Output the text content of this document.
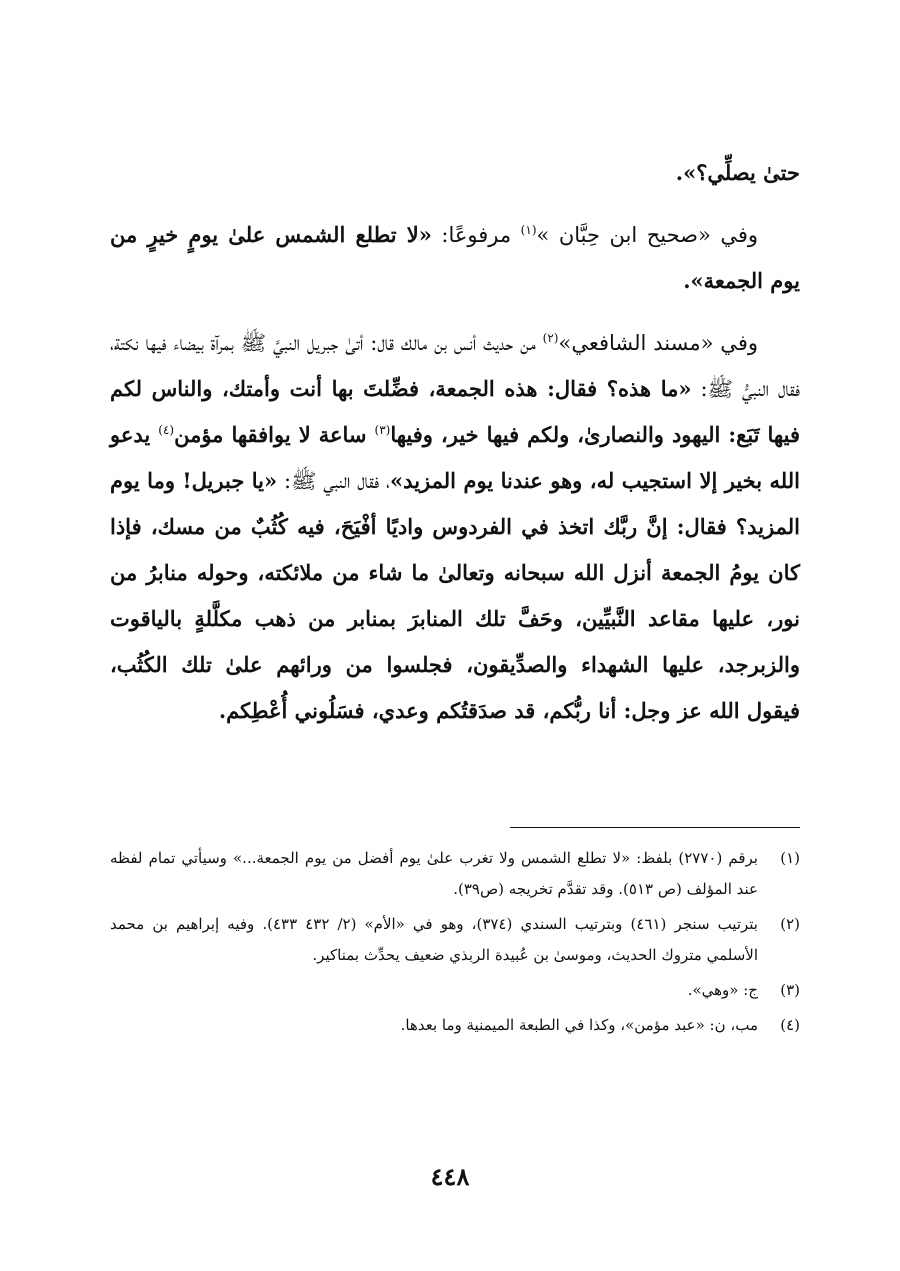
حتىٰ يصلِّي؟».

وفي «صحيح ابن حِبَّان »$^{(١)}$ مرفوعًا: «لا تطلع الشمس علىٰ يومٍ خيرٍ من يوم الجمعة».

وفي «مسند الشافعي»$^{(٢)}$ من حديث أنس بن مالك قال: أتىٰ جبريل النبيَّ ﷺ بمرآة بيضاء فيها نكتة، فقال النبيُّ ﷺ: «ما هذه؟ فقال: هذه الجمعة، فضِّلتَ بها أنت وأمتك، والناس لكم فيها تَبَع: اليهود والنصارىٰ، ولكم فيها خير، وفيها$^{(٣)}$ ساعة لا يوافقها مؤمن$^{(٤)}$ يدعو الله بخير إلا استجيب له، وهو عندنا يوم المزيد»، فقال النبي ﷺ: «يا جبريل! وما يوم المزيد؟ فقال: إنَّ ربَّك اتخذ في الفردوس واديًا أفْيَحَ، فيه كُثُبٌ من مسك، فإذا كان يومُ الجمعة أنزل الله سبحانه وتعالىٰ ما شاء من ملائكته، وحوله منابرُ من نور، عليها مقاعد النَّبيِّين، وحَفَّ تلك المنابرَ بمنابر من ذهب مكلَّلةٍ بالياقوت والزبرجد، عليها الشهداء والصدِّيقون، فجلسوا من ورائهم علىٰ تلك الكُثُب، فيقول الله عز وجل: أنا ربُّكم، قد صدَقتُكم وعدي، فسَلُوني أُعْطِكم.

(١)
برقم (٢٧٧٠) بلفظ: «لا تطلع الشمس ولا تغرب علىٰ يوم أفضل من يوم الجمعة...» وسيأتي تمام لفظه عند المؤلف (ص ٥١٣). وقد تقدَّم تخريجه (ص٣٩).
(٢)
بترتيب سنجر (٤٦١) وبترتيب السندي (٣٧٤)، وهو في «الأم» (٢/ ٤٣٢ ٤٣٣). وفيه إبراهيم بن محمد الأسلمي متروك الحديث، وموسىٰ بن عُبيدة الربذي ضعيف يحدِّث بمناكير.
(٣)
ج: «وهي».
(٤)
مب، ن: «عبد مؤمن»، وكذا في الطبعة الميمنية وما بعدها.
٤٤٨
